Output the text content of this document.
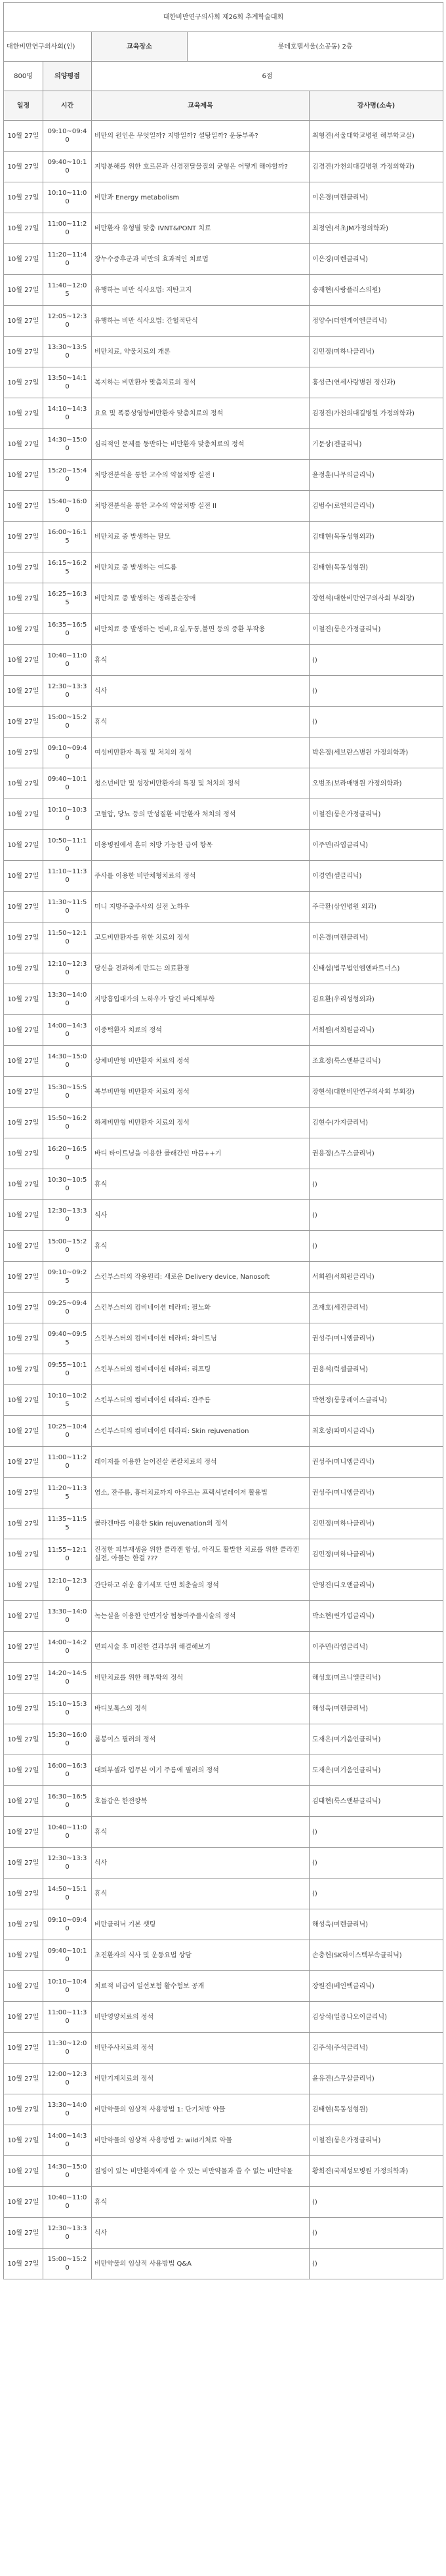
대한비만연구의사회 제26회 추계학술대회				
대한비만연구의사회(인)		교육장소	롯데호텔서울(소공동) 2층	
800명	의양평점	6점		
일정	시간	교육제목		강사명(소속)
10월 27일	09:10~09:40	비만의 원인은 무엇일까? 지방일까? 설탕일까? 운동부족?		최형진(서울대학교병원 해부학교실)
10월 27일	09:40~10:10	지방분해를 위한 호르몬과 신경전달물질의 균형은 어떻게 해야할까?		김경진(가천의대길병원 가정의학과)
10월 27일	10:10~11:00	비만과 Energy metabolism		이은경(미렌클리닉)
10월 27일	11:00~11:20	비만환자 유형별 맞춤 IVNT&PONT 치료		최정연(서초JM가정의학과)
10월 27일	11:20~11:40	장누수증후군과 비만의 효과적인 치료법		이은경(미렌클리닉)
10월 27일	11:40~12:05	유행하는 비만 식사요법: 저탄고지		송재현(사랑플러스의원)
10월 27일	12:05~12:30	유행하는 비만 식사요법: 간헐적단식		정양수(더엔게이엔클리닉)
10월 27일	13:30~13:50	비만치료, 약물치료의 개론		김민정(미하나클리닉)
10월 27일	13:50~14:10	복지하는 비만환자 맞춤치료의 정석		홍성근(연세사랑병원 정신과)
10월 27일	14:10~14:30	요요 및 폭풍성영향비만환자 맞춤치료의 정석		김경진(가천의대길병원 가정의학과)
10월 27일	14:30~15:00	심리적인 문제를 동반하는 비만환자 맞춤치료의 정석		기문상(젠클리닉)
10월 27일	15:20~15:40	처방전분석을 통한 고수의 약물처방 실전 I		윤정훈(나무의클리닉)
10월 27일	15:40~16:00	처방전분석을 통한 고수의 약물처방 실전 II		김범수(로엔의클리닉)
10월 27일	16:00~16:15	비만치료 중 발생하는 탈모		김태현(목동성형외과)
10월 27일	16:15~16:25	비만치료 중 발생하는 여드름		김태현(목동성형원)
10월 27일	16:25~16:35	비만치료 중 발생하는 생리불순장애		장현석(대한비만연구의사회 부회장)
10월 27일	16:35~16:50	비만치료 중 발생하는 변비,요실,두통,불면 등의 증환 부작용		이철진(룽은가정클리닉)
10월 27일	10:40~11:00	휴식		()
10월 27일	12:30~13:30	식사		()
10월 27일	15:00~15:20	휴식		()
10월 27일	09:10~09:40	여성비만환자 특징 및 처치의 정석		박은정(세브란스병원 가정의학과)
10월 27일	09:40~10:10	청소년비만 및 성장비만환자의 특징 및 처치의 정석		오범조(보라매병원 가정의학과)
10월 27일	10:10~10:30	고혈압, 당뇨 등의 만성질환 비만환자 처치의 정석		이철진(룽은가정클리닉)
10월 27일	10:50~11:10	미용병원에서 흔히 처방 가능한 급여 항목		이주민(라엽클리닉)
10월 27일	11:10~11:30	주사를 이용한 비만체형치료의 정석		이경연(셀클리닉)
10월 27일	11:30~11:50	미니 지방주출주사의 실전 노하우		주극환(삼인병원 외과)
10월 27일	11:50~12:10	고도비만환자를 위한 치료의 정석		이은경(미렌클리닉)
10월 27일	12:10~12:30	당신을 전과하게 만드는 의료환경		신태섭(법무법인엠앤파트너스)
10월 27일	13:30~14:00	지방흡입대가의 노하우가 담긴 바디체부학		김요환(우리성형외과)
10월 27일	14:00~14:30	이중턱환자 치료의 정석		서희원(서희원클리닉)
10월 27일	14:30~15:00	상체비만형 비만환자 치료의 정석		조효정(룩스앤뷰클리닉)
10월 27일	15:30~15:50	복부비만형 비만환자 치료의 정석		장현석(대한비만연구의사회 부회장)
10월 27일	15:50~16:20	하체비만형 비만환자 치료의 정석		김현수(가지클리닉)
10월 27일	16:20~16:50	바디 타이트닝을 이용한 콜래간인 마믐++기		권용정(스무스클리닉)
10월 27일	10:30~10:50	휴식		()
10월 27일	12:30~13:30	식사		()
10월 27일	15:00~15:20	휴식		()
10월 27일	09:10~09:25	스킨부스터의 작용원리: 새로운 Delivery device, Nanosoft		서희원(서희원클리닉)
10월 27일	09:25~09:40	스킨부스터의 컴비네이션 테라피: 필노화		조재호(세진클리닉)
10월 27일	09:40~09:55	스킨부스터의 컴비네이션 테라피: 화이트닝		권성주(미니엠클리닉)
10월 27일	09:55~10:10	스킨부스터의 컴비네이션 테라피: 리프팅		권용석(럭셀클리닉)
10월 27일	10:10~10:25	스킨부스터의 컴비네이션 테라피: 잔주름		박현정(룽룽레이스클리닉)
10월 27일	10:25~10:40	스킨부스터의 컴비네이션 테라피: Skin rejuvenation		최호성(파미시클리닉)
10월 27일	11:00~11:20	레이저를 이용한 늘어진살 콘칼치료의 정석		권성주(미니엠클리닉)
10월 27일	11:20~11:35	염소, 잔주름, 흉터치료까지 아우르는 프랙셔널레이저 활용법		권성주(미니엠클리닉)
10월 27일	11:35~11:55	콜라겐마를 이용한 Skin rejuvenation의 정석		김민정(미하나클리닉)
10월 27일	11:55~12:10	진정한 피부재생을 위한 콜라겐 합성, 아직도 활발한 치료를 위한 콜라겐 실전, 아물는 한걸 ???		김민정(미하나클리닉)
10월 27일	12:10~12:30	간단하고 쉬운 흉기세포 단면 회춘술의 정석		안영진(디오앤클리닉)
10월 27일	13:30~14:00	녹는실을 이용한 안면거상 협동마주롤시술의 정석		박소현(린가업클리닉)
10월 27일	14:00~14:20	면피시술 후 미진한 결과부위 해결해보기		이주민(라엽클리닉)
10월 27일	14:20~14:50	비만치료를 위한 해부학의 정석		해성호(미르니엘클리닉)
10월 27일	15:10~15:30	바디보톡스의 정석		해성욱(미렌클리닉)
10월 27일	15:30~16:00	룸봉이스 필러의 정석		도재은(미기움인클리닉)
10월 27일	16:00~16:30	대퇴부셀과 업무본 여기 주름에 필러의 정석		도재은(미기움인클리닉)
10월 27일	16:30~16:50	호들갑은 한전깡복		김태현(룩스앤뷰클리닉)
10월 27일	10:40~11:00	휴식		()
10월 27일	12:30~13:30	식사		()
10월 27일	14:50~15:10	휴식		()
10월 27일	09:10~09:40	비만클리닉 기본 셋팅		해성욱(미렌클리닉)
10월 27일	09:40~10:10	초진환자의 식사 및 운동요법 상담		손충헌(SK하이스텍부속클리닉)
10월 27일	10:10~10:40	치료적 비급여 일선보험 활수험보 공개		장원진(베인텍클리닉)
10월 27일	11:00~11:30	비만영양치료의 정석		김상석(일곱나오이클리닉)
10월 27일	11:30~12:00	비만주사치료의 정석		김주석(주석클리닉)
10월 27일	12:00~12:30	비만기계치료의 정석		윤유진(스무살클리닉)
10월 27일	13:30~14:00	비만약물의 임상적 사용방법 1: 단기처방 약물		김태현(목동성형원)
10월 27일	14:00~14:30	비만약물의 임상적 사용방법 2: wild기처료 약물		이철진(룽은가정클리닉)
10월 27일	14:30~15:00	질병이 있는 비만환자에게 쓸 수 있는 비만약물과 쓸 수 없는 비만약물		황희진(국제성모병원 가정의학과)
10월 27일	10:40~11:00	휴식		()
10월 27일	12:30~13:30	식사		()
10월 27일	15:00~15:20	비만약물의 임상적 사용방법 Q&A		()
